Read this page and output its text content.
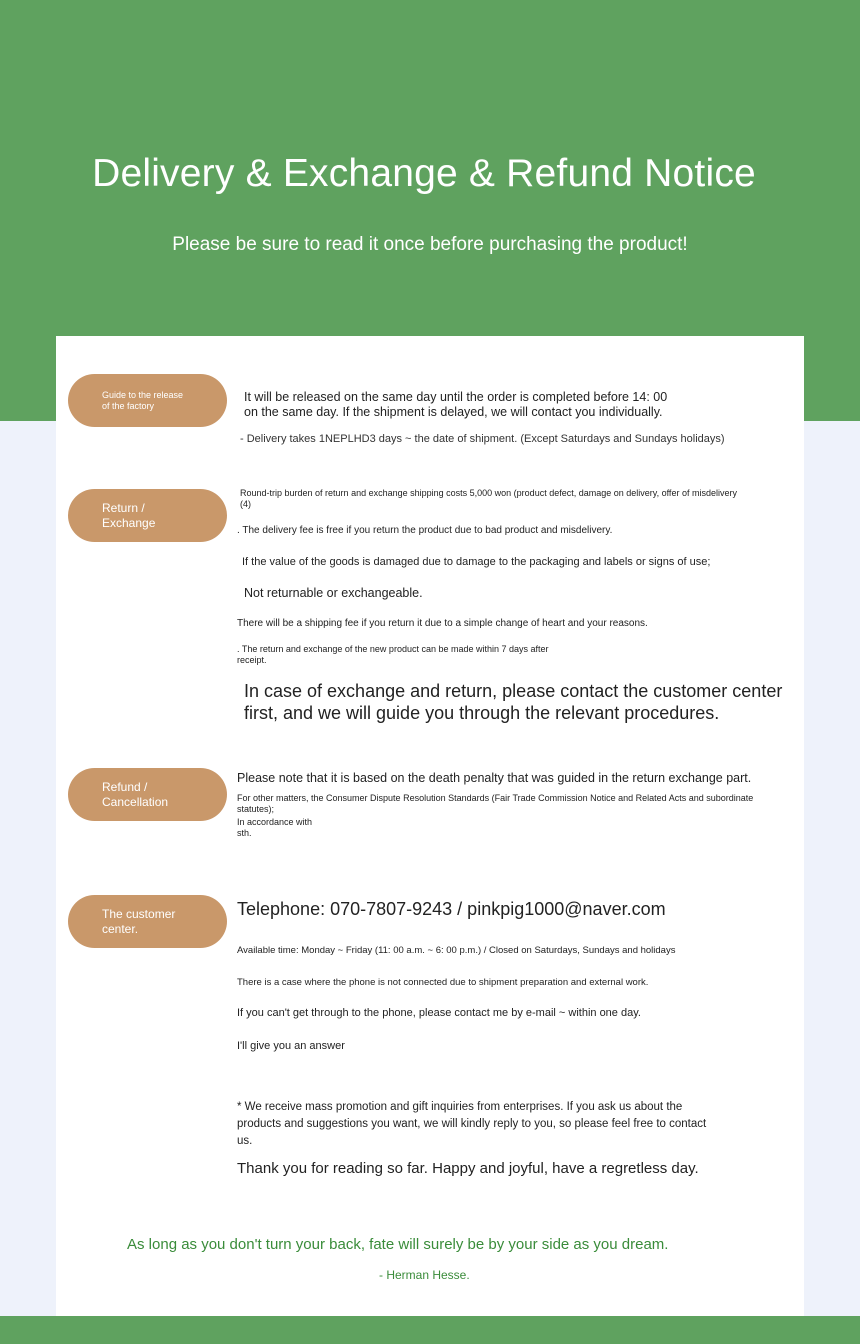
Delivery & Exchange & Refund Notice
Please be sure to read it once before purchasing the product!
Guide to the release
of the factory
It will be released on the same day until the order is completed before 14: 00
on the same day. If the shipment is delayed, we will contact you individually.
- Delivery takes 1NEPLHD3 days ~ the date of shipment. (Except Saturdays and Sundays holidays)
Return /
Exchange
Round-trip burden of return and exchange shipping costs 5,000 won (product defect, damage on delivery, offer of misdelivery
(4)
. The delivery fee is free if you return the product due to bad product and misdelivery.
If the value of the goods is damaged due to damage to the packaging and labels or signs of use;
Not returnable or exchangeable.
There will be a shipping fee if you return it due to a simple change of heart and your reasons.
. The return and exchange of the new product can be made within 7 days after
receipt.
In case of exchange and return, please contact the customer center
first, and we will guide you through the relevant procedures.
Refund /
Cancellation
Please note that it is based on the death penalty that was guided in the return exchange part.
For other matters, the Consumer Dispute Resolution Standards (Fair Trade Commission Notice and Related Acts and subordinate
statutes);
In accordance with
sth.
The customer
center.
Telephone: 070-7807-9243 / pinkpig1000@naver.com
Available time: Monday ~ Friday (11: 00 a.m. ~ 6: 00 p.m.) / Closed on Saturdays, Sundays and holidays
There is a case where the phone is not connected due to shipment preparation and external work.
If you can't get through to the phone, please contact me by e-mail ~ within one day.
I'll give you an answer
* We receive mass promotion and gift inquiries from enterprises. If you ask us about the products and suggestions you want, we will kindly reply to you, so please feel free to contact us.
Thank you for reading so far. Happy and joyful, have a regretless day.
As long as you don't turn your back, fate will surely be by your side as you dream.
- Herman Hesse.
